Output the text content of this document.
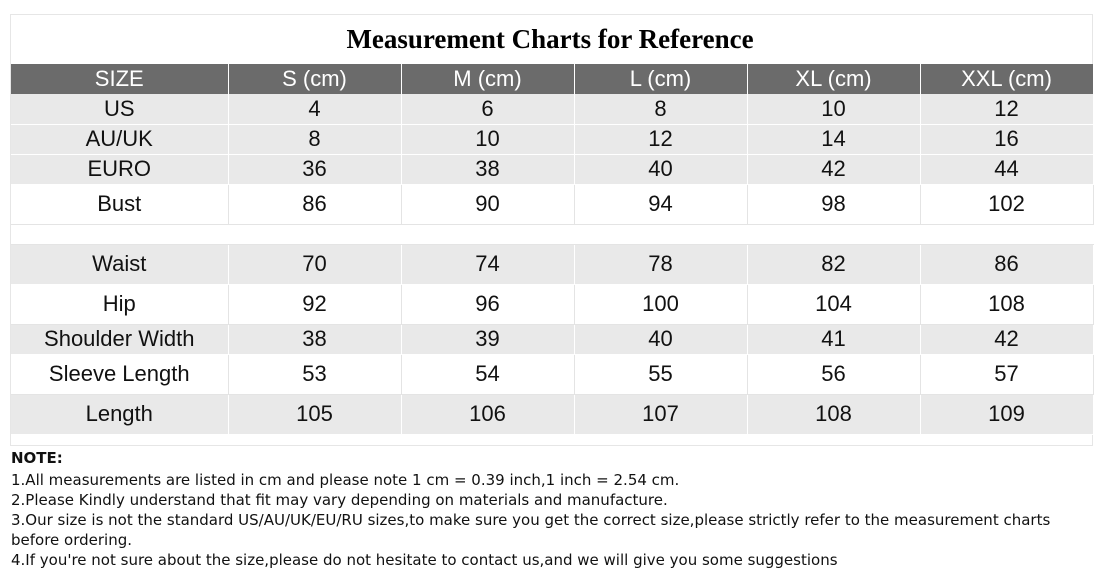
Measurement Charts for Reference
SIZE	S (cm)	M (cm)	L (cm)	XL (cm)	XXL (cm)
US	4	6	8	10	12
AU/UK	8	10	12	14	16
EURO	36	38	40	42	44
Bust	86	90	94	98	102

Waist	70	74	78	82	86
Hip	92	96	100	104	108
Shoulder Width	38	39	40	41	42
Sleeve Length	53	54	55	56	57
Length	105	106	107	108	109
NOTE:

1.All measurements are listed in cm and please note 1 cm = 0.39 inch,1 inch = 2.54 cm.

2.Please Kindly understand that fit may vary depending on materials and manufacture.

3.Our size is not the standard US/AU/UK/EU/RU sizes,to make sure you get the correct size,please strictly refer to the measurement charts before ordering.

4.If you're not sure about the size,please do not hesitate to contact us,and we will give you some suggestions
